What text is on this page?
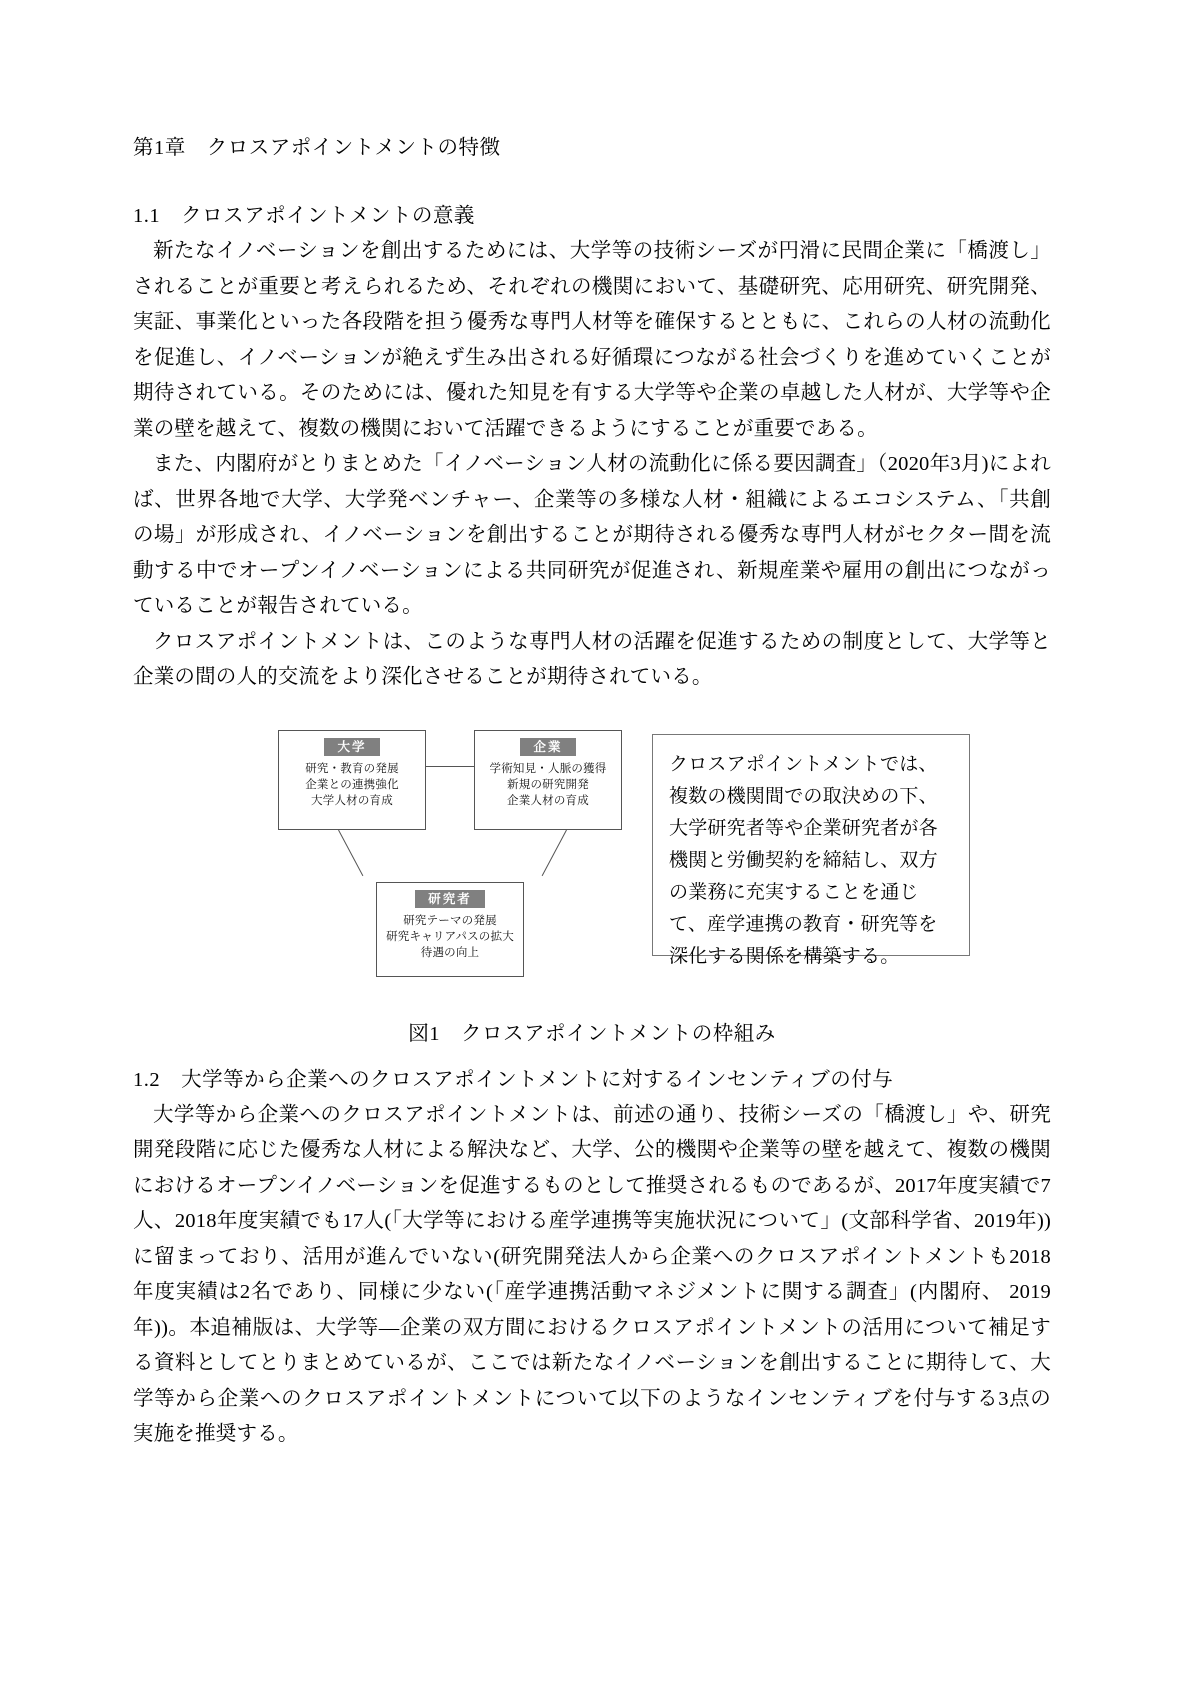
第1章　クロスアポイントメントの特徴
1.1　クロスアポイントメントの意義

新たなイノベーションを創出するためには、大学等の技術シーズが円滑に民間企業に「橋渡し」されることが重要と考えられるため、それぞれの機関において、基礎研究、応用研究、研究開発、実証、事業化といった各段階を担う優秀な専門人材等を確保するとともに、これらの人材の流動化を促進し、イノベーションが絶えず生み出される好循環につながる社会づくりを進めていくことが期待されている。そのためには、優れた知見を有する大学等や企業の卓越した人材が、大学等や企業の壁を越えて、複数の機関において活躍できるようにすることが重要である。

また、内閣府がとりまとめた「イノベーション人材の流動化に係る要因調査」（2020年3月)によれば、世界各地で大学、大学発ベンチャー、企業等の多様な人材・組織によるエコシステム、「共創の場」が形成され、イノベーションを創出することが期待される優秀な専門人材がセクター間を流動する中でオープンイノベーションによる共同研究が促進され、新規産業や雇用の創出につながっていることが報告されている。

クロスアポイントメントは、このような専門人材の活躍を促進するための制度として、大学等と企業の間の人的交流をより深化させることが期待されている。

大学
研究・教育の発展
企業との連携強化
大学人材の育成
企業
学術知見・人脈の獲得
新規の研究開発
企業人材の育成
研究者
研究テーマの発展
研究キャリアパスの拡大
待遇の向上
クロスアポイントメントでは、複数の機関間での取決めの下、大学研究者等や企業研究者が各機関と労働契約を締結し、双方の業務に充実することを通じて、産学連携の教育・研究等を深化する関係を構築する。
図1　クロスアポイントメントの枠組み
1.2　大学等から企業へのクロスアポイントメントに対するインセンティブの付与

大学等から企業へのクロスアポイントメントは、前述の通り、技術シーズの「橋渡し」や、研究開発段階に応じた優秀な人材による解決など、大学、公的機関や企業等の壁を越えて、複数の機関におけるオープンイノベーションを促進するものとして推奨されるものであるが、2017年度実績で7人、2018年度実績でも17人(「大学等における産学連携等実施状況について」(文部科学省、2019年))に留まっており、活用が進んでいない(研究開発法人から企業へのクロスアポイントメントも2018年度実績は2名であり、同様に少ない(「産学連携活動マネジメントに関する調査」(内閣府、 2019年))。本追補版は、大学等―企業の双方間におけるクロスアポイントメントの活用について補足する資料としてとりまとめているが、ここでは新たなイノベーションを創出することに期待して、大学等から企業へのクロスアポイントメントについて以下のようなインセンティブを付与する3点の実施を推奨する。
